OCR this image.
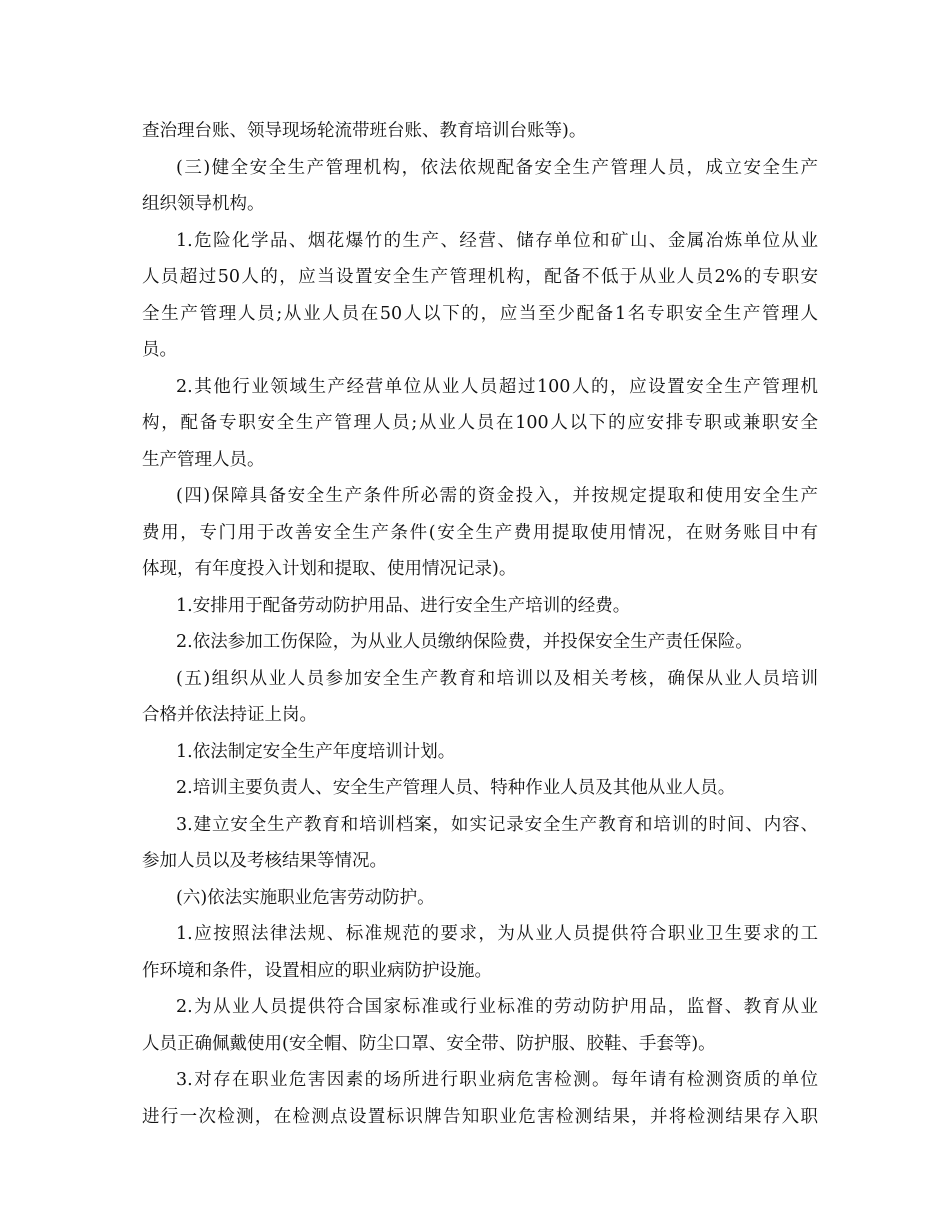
查治理台账、领导现场轮流带班台账、教育培训台账等)。
(三)健全安全生产管理机构，依法依规配备安全生产管理人员，成立安全生产
组织领导机构。
1.危险化学品、烟花爆竹的生产、经营、储存单位和矿山、金属冶炼单位从业
人员超过50人的，应当设置安全生产管理机构，配备不低于从业人员2%的专职安
全生产管理人员;从业人员在50人以下的，应当至少配备1名专职安全生产管理人
员。
2.其他行业领域生产经营单位从业人员超过100人的，应设置安全生产管理机
构，配备专职安全生产管理人员;从业人员在100人以下的应安排专职或兼职安全
生产管理人员。
(四)保障具备安全生产条件所必需的资金投入，并按规定提取和使用安全生产
费用，专门用于改善安全生产条件(安全生产费用提取使用情况，在财务账目中有
体现，有年度投入计划和提取、使用情况记录)。
1.安排用于配备劳动防护用品、进行安全生产培训的经费。
2.依法参加工伤保险，为从业人员缴纳保险费，并投保安全生产责任保险。
(五)组织从业人员参加安全生产教育和培训以及相关考核，确保从业人员培训
合格并依法持证上岗。
1.依法制定安全生产年度培训计划。
2.培训主要负责人、安全生产管理人员、特种作业人员及其他从业人员。
3.建立安全生产教育和培训档案，如实记录安全生产教育和培训的时间、内容、
参加人员以及考核结果等情况。
(六)依法实施职业危害劳动防护。
1.应按照法律法规、标准规范的要求，为从业人员提供符合职业卫生要求的工
作环境和条件，设置相应的职业病防护设施。
2.为从业人员提供符合国家标准或行业标准的劳动防护用品，监督、教育从业
人员正确佩戴使用(安全帽、防尘口罩、安全带、防护服、胶鞋、手套等)。
3.对存在职业危害因素的场所进行职业病危害检测。每年请有检测资质的单位
进行一次检测，在检测点设置标识牌告知职业危害检测结果，并将检测结果存入职
